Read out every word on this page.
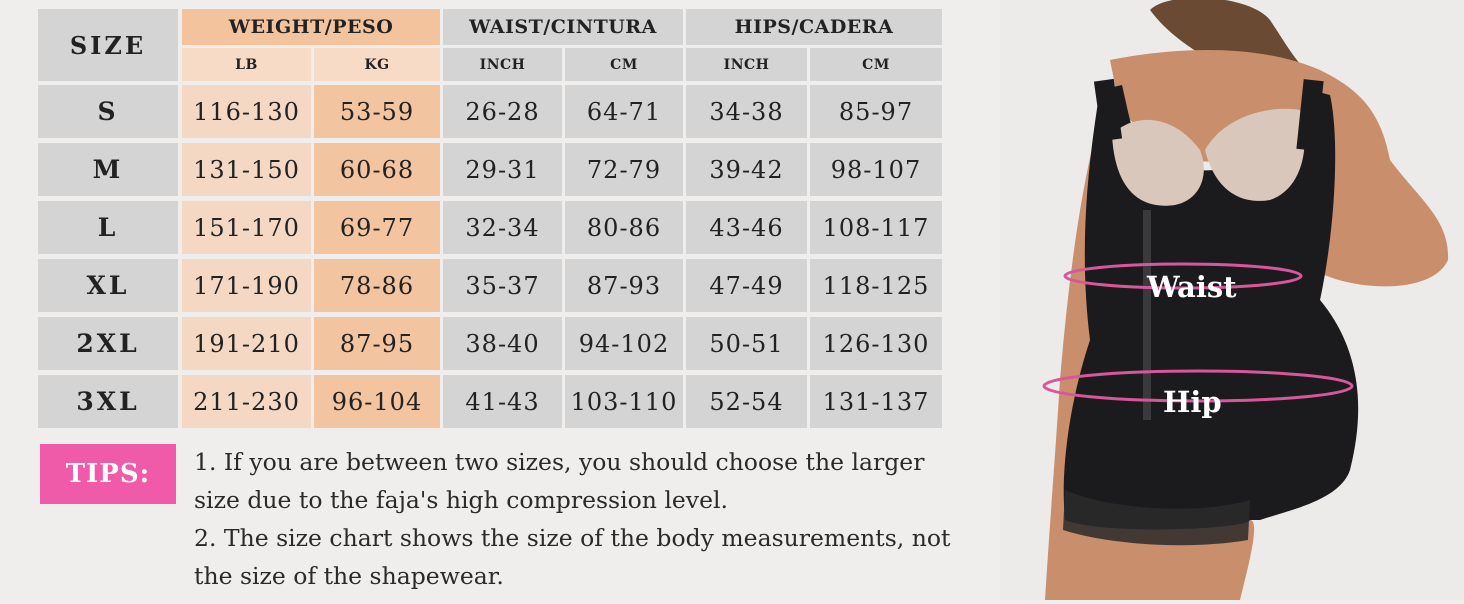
SIZE
WEIGHT/PESO	WAIST/CINTURA	HIPS/CADERA
LB	KG	INCH	CM	INCH	CM
S	116-130	53-59	26-28	64-71	34-38	85-97
M	131-150	60-68	29-31	72-79	39-42	98-107
L	151-170	69-77	32-34	80-86	43-46	108-117
XL	171-190	78-86	35-37	87-93	47-49	118-125
2XL	191-210	87-95	38-40	94-102	50-51	126-130
3XL	211-230	96-104	41-43	103-110	52-54	131-137
TIPS:	1. If you are between two sizes, you should choose the larger size due to the faja's high compression level.

2. The size chart shows the size of the body measurements, not the size of the shapewear.

Waist
Hip
